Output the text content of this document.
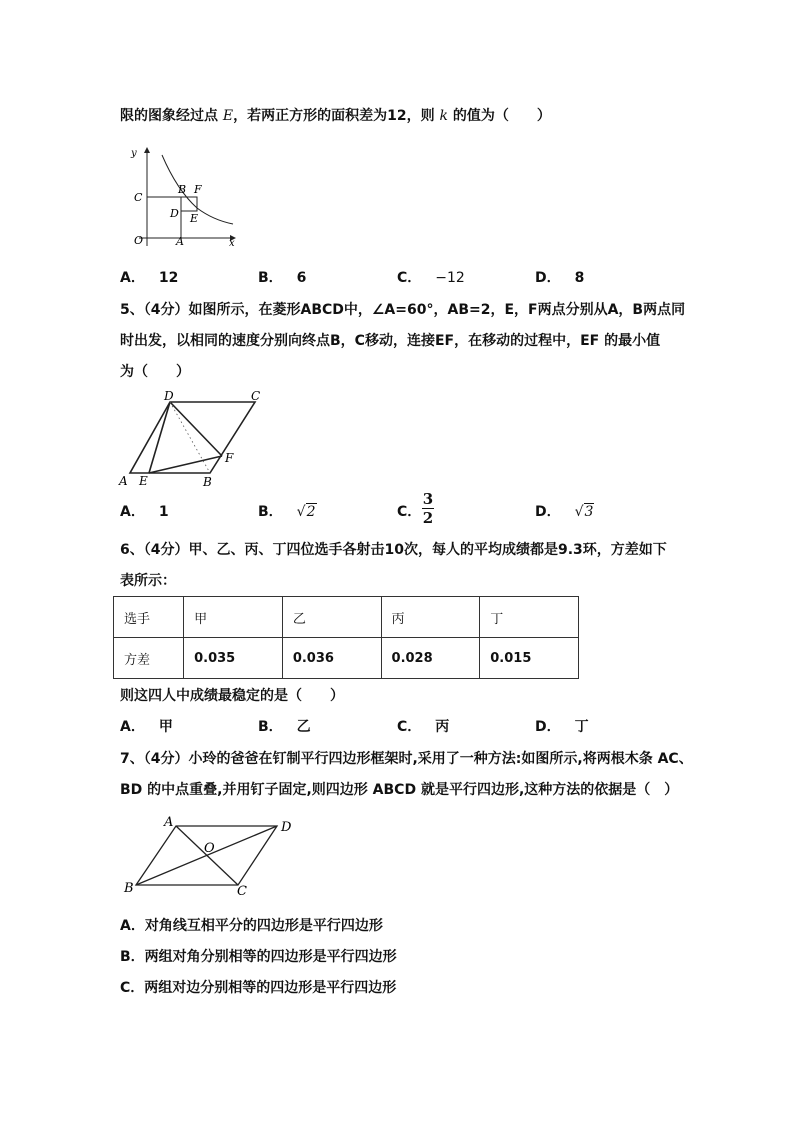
限的图象经过点 E，若两正方形的面积差为12，则 k 的值为（　　）
y
x
C
B F
D E
O	A
A． 12	B． 6	C． −12	D． 8
5、（4分）如图所示，在菱形ABCD中，∠A=60°，AB=2，E，F两点分别从A，B两点同
时出发，以相同的速度分别向终点B，C移动，连接EF，在移动的过程中，EF 的最小值
为（　　）
D	C
F
A E	B
A． 1	B． √2	C．
3
2	D． √3
6、（4分）甲、乙、丙、丁四位选手各射击10次，每人的平均成绩都是9.3环，方差如下
表所示：
选手	甲	乙	丙	丁
方差	0.035	0.036	0.028	0.015
则这四人中成绩最稳定的是（　　）
A． 甲	B． 乙	C． 丙	D． 丁
7、（4分）小玲的爸爸在钉制平行四边形框架时,采用了一种方法:如图所示,将两根木条 AC、
BD 的中点重叠,并用钉子固定,则四边形 ABCD 就是平行四边形,这种方法的依据是（　）
A	D
O
B	C
A．对角线互相平分的四边形是平行四边形
B．两组对角分别相等的四边形是平行四边形
C．两组对边分别相等的四边形是平行四边形
